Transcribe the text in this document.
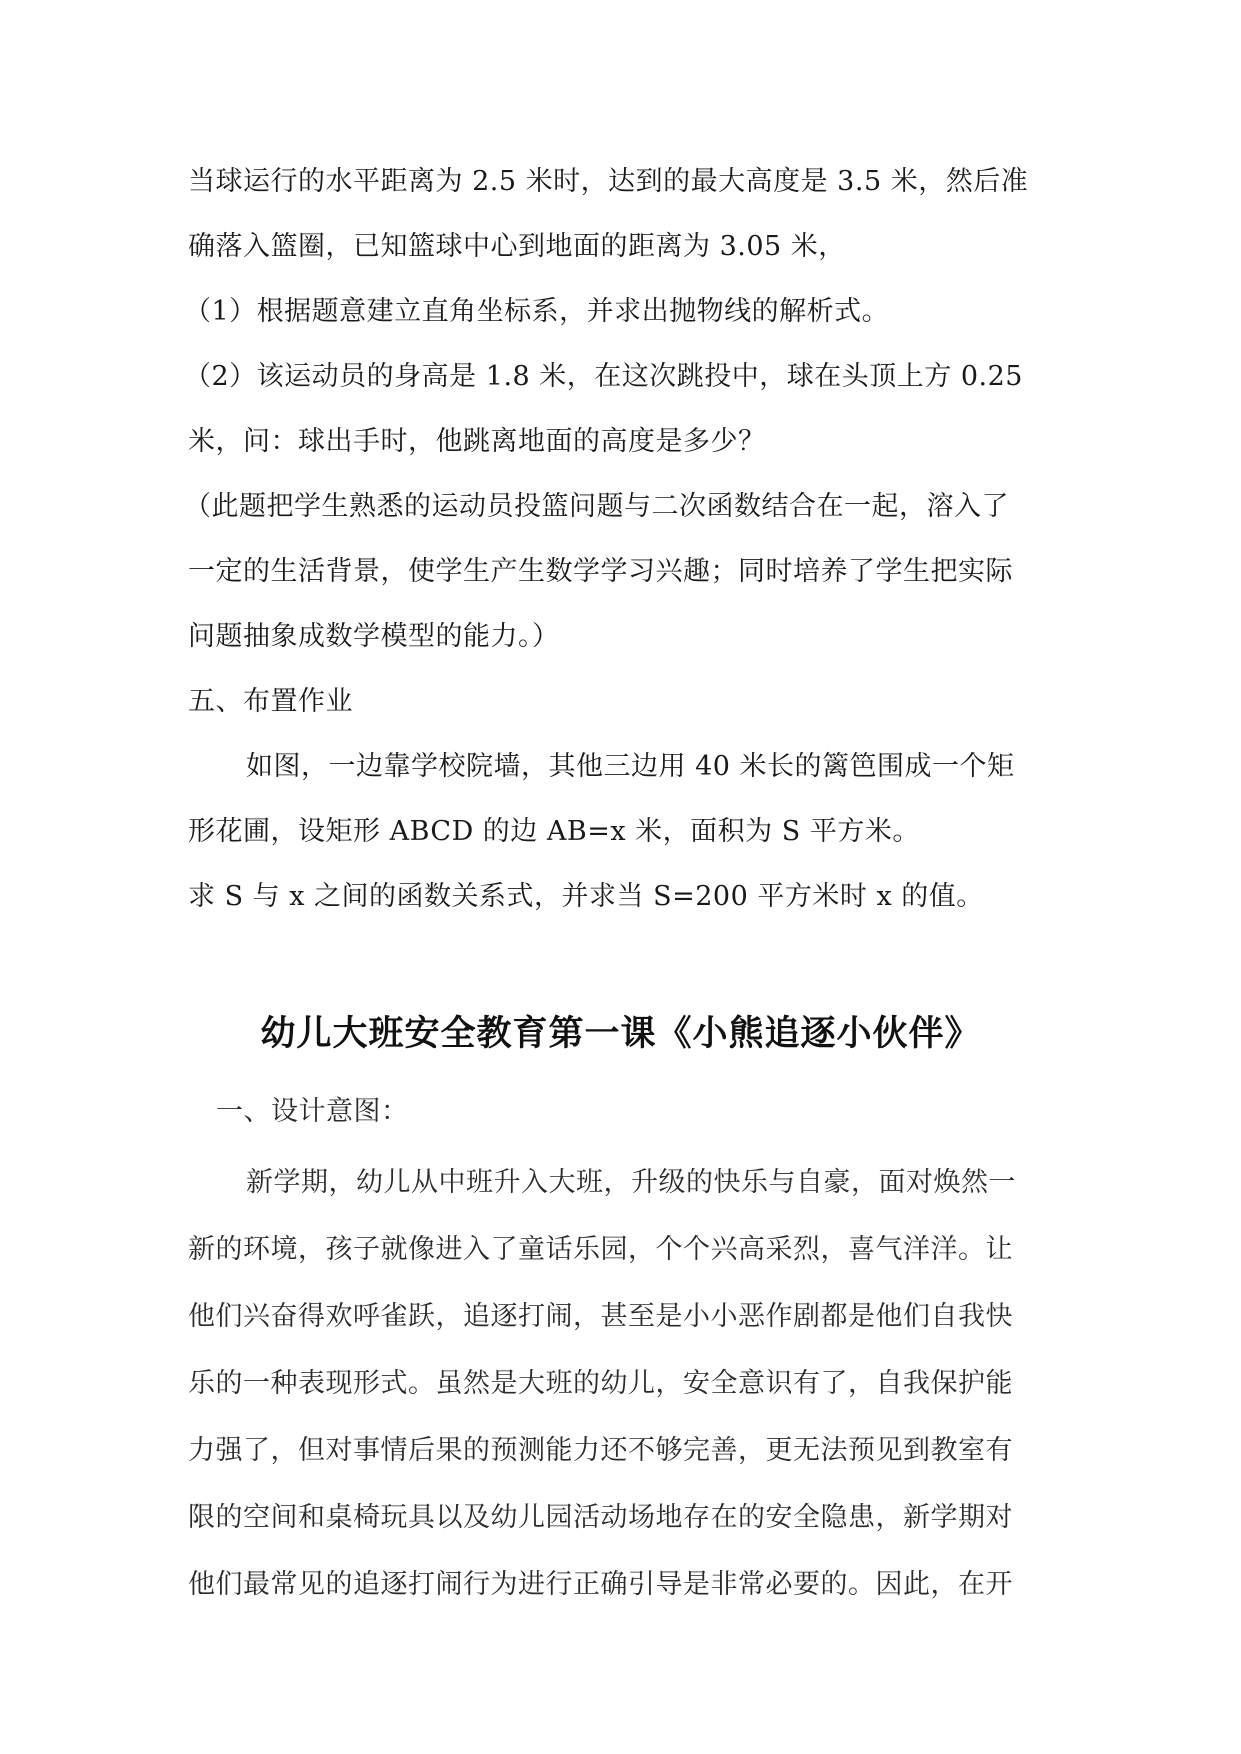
当球运行的水平距离为 2.5 米时，达到的最大高度是 3.5 米，然后准
确落入篮圈，已知篮球中心到地面的距离为 3.05 米，
（1）根据题意建立直角坐标系，并求出抛物线的解析式。
（2）该运动员的身高是 1.8 米，在这次跳投中，球在头顶上方 0.25
米，问：球出手时，他跳离地面的高度是多少？
（此题把学生熟悉的运动员投篮问题与二次函数结合在一起，溶入了
一定的生活背景，使学生产生数学学习兴趣；同时培养了学生把实际
问题抽象成数学模型的能力。）
五、布置作业
如图，一边靠学校院墙，其他三边用 40 米长的篱笆围成一个矩
形花圃，设矩形 ABCD 的边 AB=x 米，面积为 S 平方米。
求 S 与 x 之间的函数关系式，并求当 S=200 平方米时 x 的值。
幼儿大班安全教育第一课《小熊追逐小伙伴》
一、设计意图：
新学期，幼儿从中班升入大班，升级的快乐与自豪，面对焕然一
新的环境，孩子就像进入了童话乐园，个个兴高采烈，喜气洋洋。让
他们兴奋得欢呼雀跃，追逐打闹，甚至是小小恶作剧都是他们自我快
乐的一种表现形式。虽然是大班的幼儿，安全意识有了，自我保护能
力强了，但对事情后果的预测能力还不够完善，更无法预见到教室有
限的空间和桌椅玩具以及幼儿园活动场地存在的安全隐患，新学期对
他们最常见的追逐打闹行为进行正确引导是非常必要的。因此，在开
